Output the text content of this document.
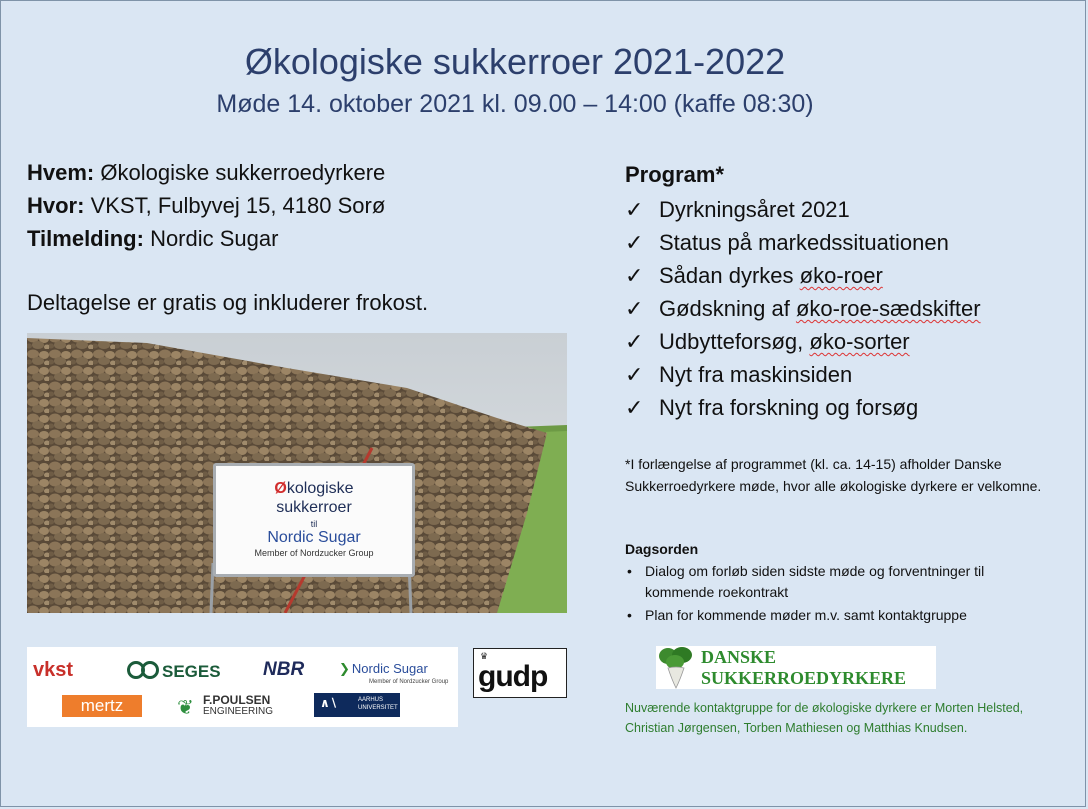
Økologiske sukkerroer 2021-2022
Møde 14. oktober 2021 kl. 09.00 – 14:00 (kaffe 08:30)
Hvem: Økologiske sukkerroedyrkere
Hvor: VKST, Fulbyvej 15, 4180 Sorø
Tilmelding: Nordic Sugar
Deltagelse er gratis og inkluderer frokost.
Økologiske
sukkerroer
til
Nordic Sugar
Member of Nordzucker Group
vkst	SEGES NBR	❯ Nordic Sugar
Member of Nordzucker Group
mertz	❦ F.POULSEN
ENGINEERING
∧∖	AARHUS
UNIVERSITET
♛
gudp
Program*
✓ Dyrkningsåret 2021
✓ Status på markedssituationen
✓ Sådan dyrkes øko-roer
✓ Gødskning af øko-roe-sædskifter
✓ Udbytteforsøg, øko-sorter
✓ Nyt fra maskinsiden
✓ Nyt fra forskning og forsøg
*I forlængelse af programmet (kl. ca. 14-15) afholder Danske Sukkerroedyrkere møde, hvor alle økologiske dyrkere er velkomne.
Dagsorden
• Dialog om forløb siden sidste møde og forventninger til kommende roekontrakt
• Plan for kommende møder m.v. samt kontaktgruppe
DANSKE
SUKKERROEDYRKERE
Nuværende kontaktgruppe for de økologiske dyrkere er Morten Helsted, Christian Jørgensen, Torben Mathiesen og Matthias Knudsen.
